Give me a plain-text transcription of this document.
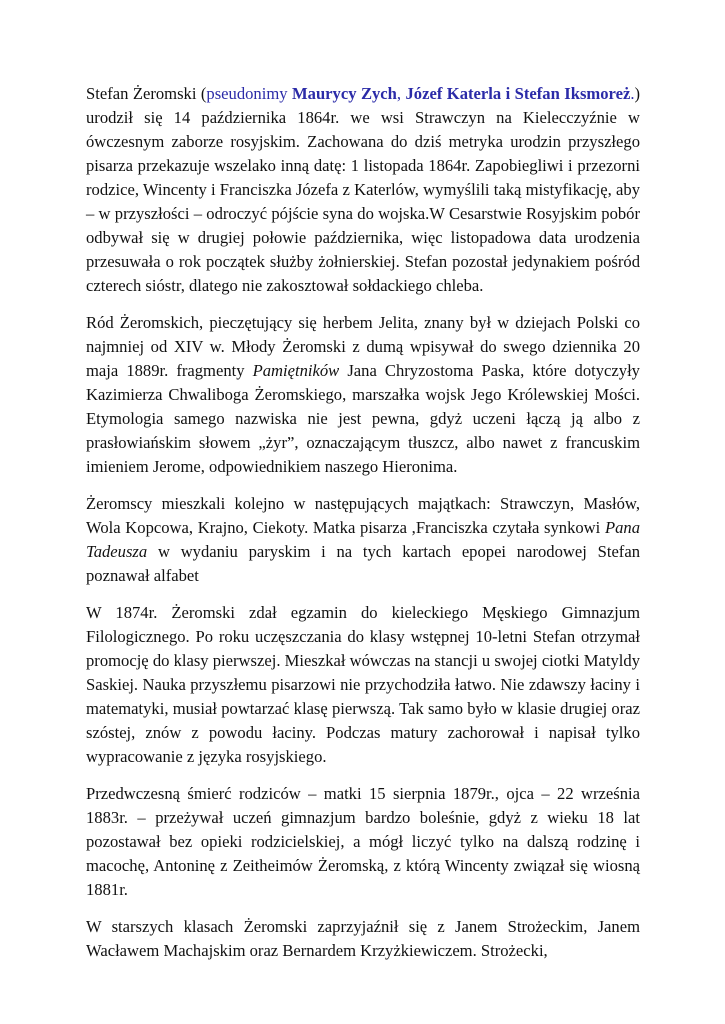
Stefan Żeromski (pseudonimy Maurycy Zych, Józef Katerla i Stefan Iksmoreż.) urodził się 14 października 1864r. we wsi Strawczyn na Kielecczyźnie w ówczesnym zaborze rosyjskim. Zachowana do dziś metryka urodzin przyszłego pisarza przekazuje wszelako inną datę: 1 listopada 1864r. Zapobiegliwi i przezorni rodzice, Wincenty i Franciszka Józefa z Katerlów, wymyślili taką mistyfikację, aby – w przyszłości – odroczyć pójście syna do wojska.W Cesarstwie Rosyjskim pobór odbywał się w drugiej połowie października, więc listopadowa data urodzenia przesuwała o rok początek służby żołnierskiej. Stefan pozostał jedynakiem pośród czterech sióstr, dlatego nie zakosztował sołdackiego chleba.

Ród Żeromskich, pieczętujący się herbem Jelita, znany był w dziejach Polski co najmniej od XIV w. Młody Żeromski z dumą wpisywał do swego dziennika 20 maja 1889r. fragmenty Pamiętników Jana Chryzostoma Paska, które dotyczyły Kazimierza Chwaliboga Żeromskiego, marszałka wojsk Jego Królewskiej Mości. Etymologia samego nazwiska nie jest pewna, gdyż uczeni łączą ją albo z prasłowiańskim słowem „żyr”, oznaczającym tłuszcz, albo nawet z francuskim imieniem Jerome, odpowiednikiem naszego Hieronima.

Żeromscy mieszkali kolejno w następujących majątkach: Strawczyn, Masłów, Wola Kopcowa, Krajno, Ciekoty. Matka pisarza ,Franciszka czytała synkowi Pana Tadeusza w wydaniu paryskim i na tych kartach epopei narodowej Stefan poznawał alfabet

W 1874r. Żeromski zdał egzamin do kieleckiego Męskiego Gimnazjum Filologicznego. Po roku uczęszczania do klasy wstępnej 10-letni Stefan otrzymał promocję do klasy pierwszej. Mieszkał wówczas na stancji u swojej ciotki Matyldy Saskiej. Nauka przyszłemu pisarzowi nie przychodziła łatwo. Nie zdawszy łaciny i matematyki, musiał powtarzać klasę pierwszą. Tak samo było w klasie drugiej oraz szóstej, znów z powodu łaciny. Podczas matury zachorował i napisał tylko wypracowanie z języka rosyjskiego.

Przedwczesną śmierć rodziców – matki 15 sierpnia 1879r., ojca – 22 września 1883r. – przeżywał uczeń gimnazjum bardzo boleśnie, gdyż z wieku 18 lat pozostawał bez opieki rodzicielskiej, a mógł liczyć tylko na dalszą rodzinę i macochę, Antoninę z Zeitheimów Żeromską, z którą Wincenty związał się wiosną 1881r.

W starszych klasach Żeromski zaprzyjaźnił się z Janem Strożeckim, Janem Wacławem Machajskim oraz Bernardem Krzyżkiewiczem. Strożecki,
